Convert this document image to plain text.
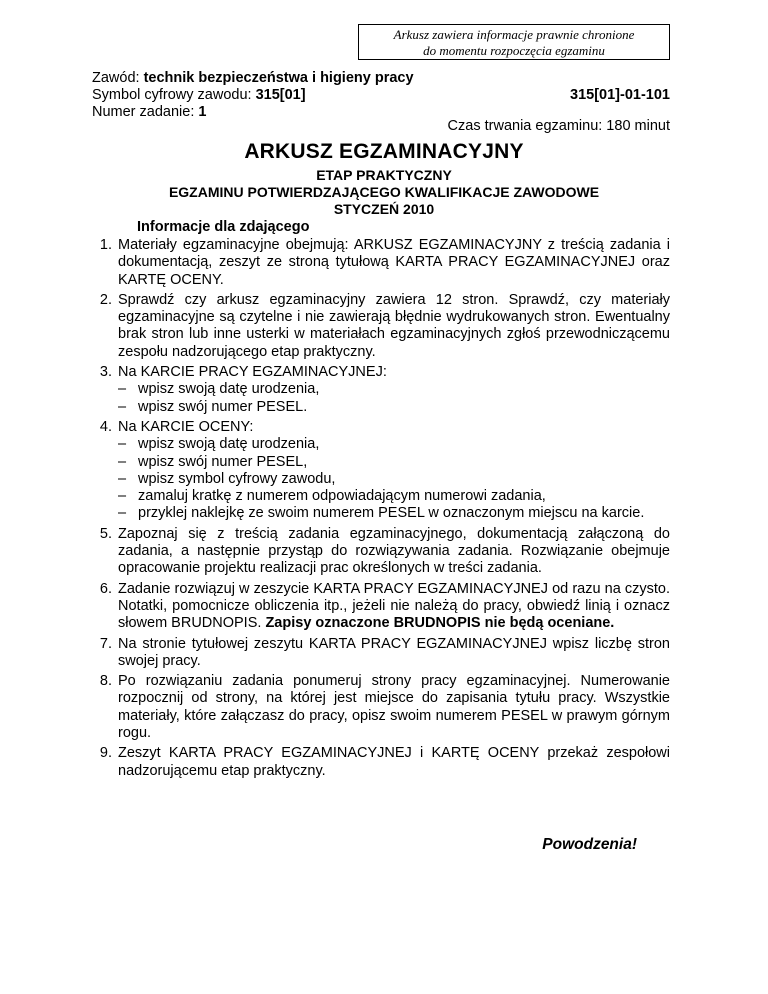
Arkusz zawiera informacje prawnie chronione
do momentu rozpoczęcia egzaminu
Zawód: technik bezpieczeństwa i higieny pracy
Symbol cyfrowy zawodu: 315[01]
Numer zadanie: 1
315[01]-01-101
Czas trwania egzaminu: 180 minut
ARKUSZ EGZAMINACYJNY
ETAP PRAKTYCZNY
EGZAMINU POTWIERDZAJĄCEGO KWALIFIKACJE ZAWODOWE
STYCZEŃ 2010
Informacje dla zdającego
1. Materiały egzaminacyjne obejmują: ARKUSZ EGZAMINACYJNY z treścią zadania i dokumentacją, zeszyt ze stroną tytułową KARTA PRACY EGZAMINACYJNEJ oraz KARTĘ OCENY.
2. Sprawdź czy arkusz egzaminacyjny zawiera 12 stron. Sprawdź, czy materiały egzaminacyjne są czytelne i nie zawierają błędnie wydrukowanych stron. Ewentualny brak stron lub inne usterki w materiałach egzaminacyjnych zgłoś przewodniczącemu zespołu nadzorującego etap praktyczny.
3. Na KARCIE PRACY EGZAMINACYJNEJ:
– wpisz swoją datę urodzenia,
– wpisz swój numer PESEL.
4. Na KARCIE OCENY:
– wpisz swoją datę urodzenia,
– wpisz swój numer PESEL,
– wpisz symbol cyfrowy zawodu,
– zamaluj kratkę z numerem odpowiadającym numerowi zadania,
– przyklej naklejkę ze swoim numerem PESEL w oznaczonym miejscu na karcie.
5. Zapoznaj się z treścią zadania egzaminacyjnego, dokumentacją załączoną do zadania, a następnie przystąp do rozwiązywania zadania. Rozwiązanie obejmuje opracowanie projektu realizacji prac określonych w treści zadania.
6. Zadanie rozwiązuj w zeszycie KARTA PRACY EGZAMINACYJNEJ od razu na czysto. Notatki, pomocnicze obliczenia itp., jeżeli nie należą do pracy, obwiedź linią i oznacz słowem BRUDNOPIS. Zapisy oznaczone BRUDNOPIS nie będą oceniane.
7. Na stronie tytułowej zeszytu KARTA PRACY EGZAMINACYJNEJ wpisz liczbę stron swojej pracy.
8. Po rozwiązaniu zadania ponumeruj strony pracy egzaminacyjnej. Numerowanie rozpocznij od strony, na której jest miejsce do zapisania tytułu pracy. Wszystkie materiały, które załączasz do pracy, opisz swoim numerem PESEL w prawym górnym rogu.
9. Zeszyt KARTA PRACY EGZAMINACYJNEJ i KARTĘ OCENY przekaż zespołowi nadzorującemu etap praktyczny.
Powodzenia!
